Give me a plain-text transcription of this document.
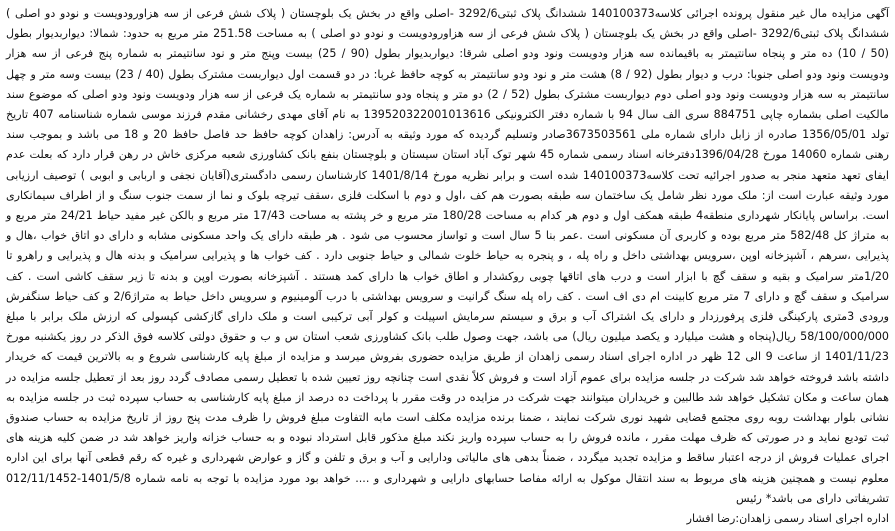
آگهی مزایده مال غیر منقول پرونده اجرائی کلاسه140100373 ششدانگ پلاک ثبتی3292/6 -اصلی واقع در بخش یک بلوچستان ( پلاک شش فرعی از سه هزاورودویست و نودو دو اصلی ) ششدانگ پلاک ثبتی3292/6 -اصلی واقع در بخش یک بلوچستان ( پلاک شش فرعی از سه هزاورودویست و نودو دو اصلی ) به مساحت 251.58 متر مربع به حدود: شمالا: دیواربدیوار بطول (50 / 10) ده متر و پنجاه سانتیمتر به باقیمانده سه هزار ودویست ونود ودو اصلی شرقا: دیواربدیوار بطول (90 / 25) بیست وپنج متر و نود سانتیمتر به شماره پنج فرعی از سه هزار ودویست ونود ودو اصلی جنوبا: درب و دیوار بطول (92 / 8) هشت متر و نود ودو سانتیمتر به کوچه حافظ غربا: در دو قسمت اول دیواربست مشترک بطول (40 / 23) بیست وسه متر و چهل سانتیمتر به سه هزار ودویست ونود ودو اصلی دوم دیواربست مشترک بطول (52 / 2) دو متر و پنجاه ودو سانتیمتر به شماره یک فرعی از سه هزار ودویست ونود ودو اصلی که موضوع سند مالکیت اصلی بشماره چاپی 884751 سری الف سال 94 با شماره دفتر الکترونیکی 139520322001013616 به نام آقای مهدی رخشانی مقدم فرزند موسی شماره شناسنامه 407 تاریخ تولد 1356/05/01 صادره از زابل دارای شماره ملی 3673503561صادر وتسلیم گردیده که مورد وثیقه به آدرس: زاهدان کوچه حافظ حد فاصل حافظ 20 و 18 می باشد و بموجب سند رهنی شماره 14060 مورخ 1396/04/28دفترخانه اسناد رسمی شماره 45 شهر توک آباد استان سیستان و بلوچستان بنفع بانک کشاورزی شعبه مرکزی خاش در رهن قرار دارد که بعلت عدم ایفای تعهد متعهد منجر به صدور اجرائیه تحت کلاسه140100373 شده است و برابر نظریه مورخ 1401/8/14 کارشناسان رسمی دادگستری(آقایان نجفی و اربابی و ابوبی ) توصیف ارزیابی مورد وثیقه عبارت است از: ملک مورد نظر شامل یک ساختمان سه طبقه بصورت هم کف ،اول و دوم با اسکلت فلزی ،سقف تیرچه بلوک و نما از سمت جنوب سنگ و از اطراف سیمانکاری است. براساس پایانکار شهرداری منطقه4 طبقه همکف اول و دوم هر کدام به مساحت 180/28 متر مربع و خر پشته به مساحت 17/43 متر مربع و بالکن غیر مفید حیاط 24/21 متر مربع و به متراژ کل 582/48 متر مربع بوده و کاربری آن مسکونی است .عمر بنا 5 سال است و تواساز محسوب می شود . هر طبقه دارای یک واحد مسکونی مشابه و دارای دو اتاق خواب ،هال و پذیرایی ،سرهم ، آشپزخانه اوپن ،سرویس بهداشتی داخل و راه پله ، و پنجره به حیاط خلوت شمالی و حیاط جنوبی دارد . کف خواب ها و پذیرایی سرامیک و بدنه هال و پذیرایی و راهرو تا 1/20متر سرامیک و بقیه و سقف گچ با ابزار است و درب های اتاقها چوبی روکشدار و اطاق خواب ها دارای کمد هستند . آشپزخانه بصورت اوپن و بدنه تا زیر سقف کاشی است . کف سرامیک و سقف گچ و دارای 7 متر مربع کابینت ام دی اف است . کف راه پله سنگ گرانیت و سرویس بهداشتی با درب آلومینیوم و سرویس داخل حیاط به متراژ2/6 و کف حیاط سنگفرش ورودی 3متری پارکینگی فلزی پرفورزدار و دارای یک اشتراک آب و برق و سیستم سرمایش اسپیلت و کولر آبی ترکیبی است و ملک دارای گازکشی کپسولی که ارزش ملک برابر با مبلغ 58/100/000/000 ریال(پنجاه و هشت میلیارد و یکصد میلیون ریال) می باشد، جهت وصول طلب بانک کشاورزی شعب استان س و ب و حقوق دولتی کلاسه فوق الذکر در روز یکشنبه مورخ 1401/11/23 از ساعت 9 الی 12 ظهر در اداره اجرای اسناد رسمی زاهدان از طریق مزایده حضوری بفروش میرسد و مزایده از مبلغ پایه کارشناسی شروع و به بالاترین قیمت که خریدار داشته باشد فروخته خواهد شد شرکت در جلسه مزایده برای عموم آزاد است و فروش کلاً نقدی است چنانچه روز تعیین شده با تعطیل رسمی مصادف گردد روز بعد از تعطیل جلسه مزایده در همان ساعت و مکان تشکیل خواهد شد طالبین و خریداران میتوانند جهت شرکت در مزایده در وقت مقرر با پرداخت ده درصد از مبلغ پایه کارشناسی به حساب سپرده ثبت در جلسه مزایده به نشانی بلوار بهداشت روبه روی مجتمع قضایی شهید نوری شرکت نمایند ، ضمنا برنده مزایده مکلف است مابه التفاوت مبلغ فروش را ظرف مدت پنج روز از تاریخ مزایده به حساب صندوق ثبت تودیع نماید و در صورتی که ظرف مهلت مقرر ، مانده فروش را به حساب سپرده واریز نکند مبلغ مذکور قابل استرداد نبوده و به حساب خزانه واریز خواهد شد در ضمن کلیه هزینه های اجرای عملیات فروش از درجه اعتبار ساقط و مزایده تجدید میگردد ، ضمناً بدهی های مالیاتی ودارایی و آب و برق و تلفن و گاز و عوارض شهرداری و غیره که رقم قطعی آنها برای این اداره معلوم نیست و همچنین هزینه های مربوط به سند انتقال موکول به ارائه مفاصا حسابهای دارایی و شهرداری و .... خواهد بود مورد مزایده با توجه به نامه شماره 1401/5/8-012/11/1452 تشریفاتی دارای می باشد* رئیس

اداره اجرای اسناد رسمی زاهدان:رضا افشار
